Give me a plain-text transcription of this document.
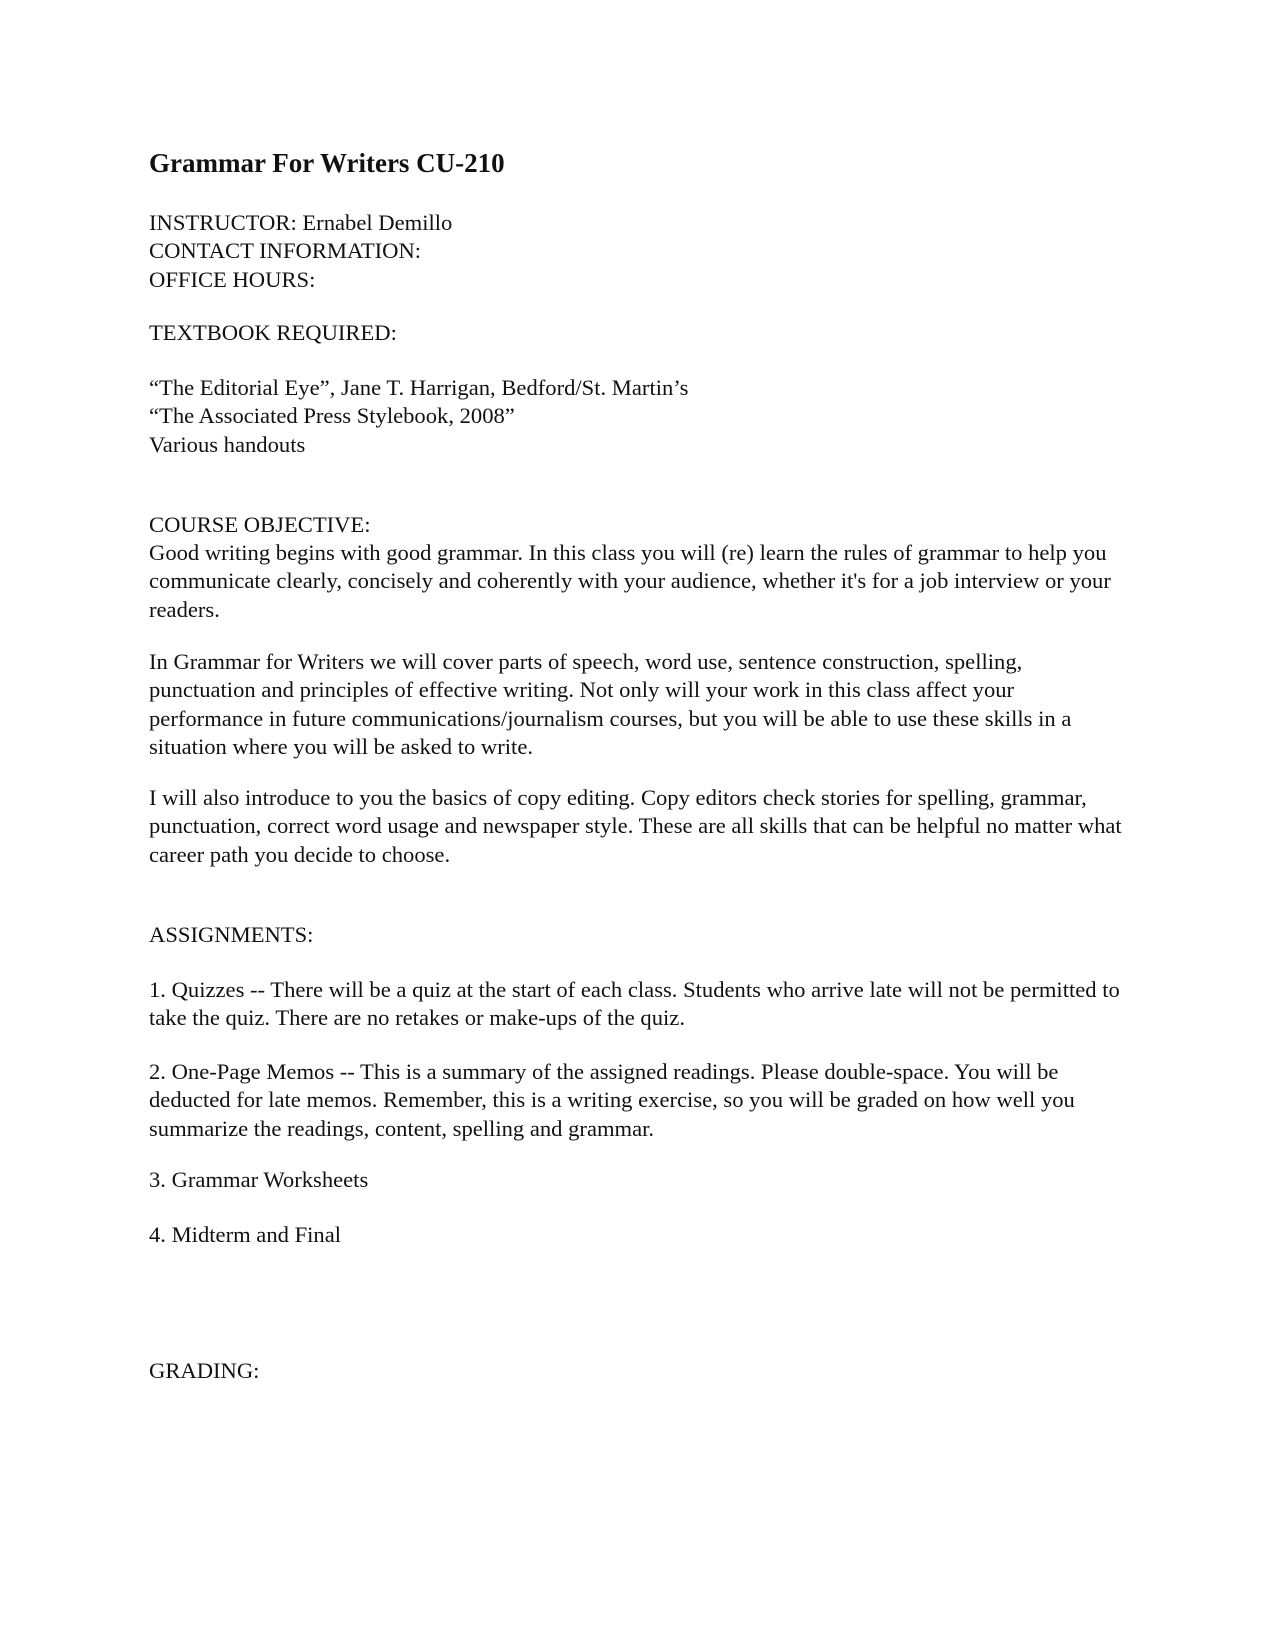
Grammar For Writers CU-210
INSTRUCTOR: Ernabel Demillo
CONTACT INFORMATION:
OFFICE HOURS:
TEXTBOOK REQUIRED:
“The Editorial Eye”, Jane T. Harrigan, Bedford/St. Martin’s
“The Associated Press Stylebook, 2008”
Various handouts
COURSE OBJECTIVE:

Good writing begins with good grammar. In this class you will (re) learn the rules of grammar to help you communicate clearly, concisely and coherently with your audience, whether it's for a job interview or your readers.

In Grammar for Writers we will cover parts of speech, word use, sentence construction, spelling, punctuation and principles of effective writing. Not only will your work in this class affect your performance in future communications/journalism courses, but you will be able to use these skills in a situation where you will be asked to write.

I will also introduce to you the basics of copy editing. Copy editors check stories for spelling, grammar, punctuation, correct word usage and newspaper style. These are all skills that can be helpful no matter what career path you decide to choose.

ASSIGNMENTS:

1. Quizzes -- There will be a quiz at the start of each class. Students who arrive late will not be permitted to take the quiz. There are no retakes or make-ups of the quiz.

2. One-Page Memos -- This is a summary of the assigned readings. Please double-space. You will be deducted for late memos. Remember, this is a writing exercise, so you will be graded on how well you summarize the readings, content, spelling and grammar.

3. Grammar Worksheets
4. Midterm and Final
GRADING:
